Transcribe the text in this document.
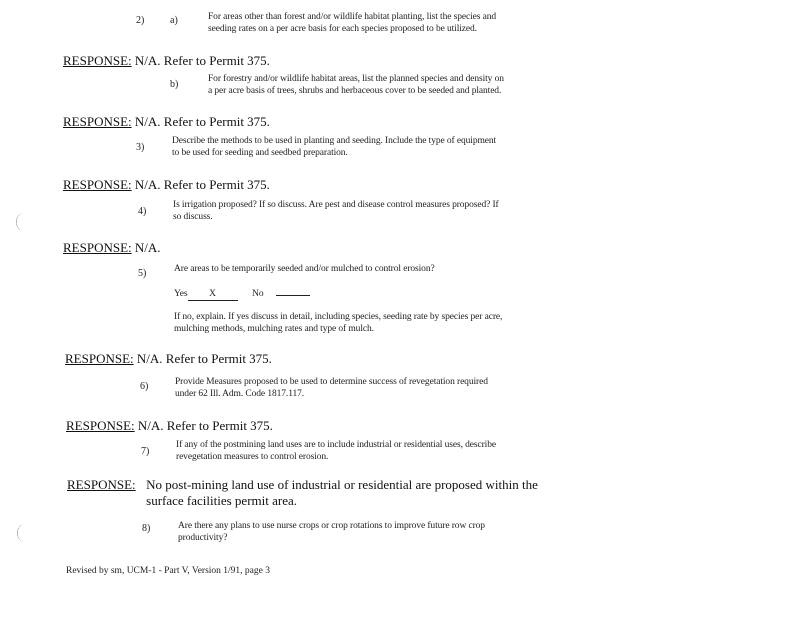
2)	a)	For areas other than forest and/or wildlife habitat planting, list the species and
seeding rates on a per acre basis for each species proposed to be utilized.
RESPONSE: N/A. Refer to Permit 375.
b)	For forestry and/or wildlife habitat areas, list the planned species and density on
a per acre basis of trees, shrubs and herbaceous cover to be seeded and planted.
RESPONSE: N/A. Refer to Permit 375.
3)
Describe the methods to be used in planting and seeding. Include the type of equipment
to be used for seeding and seedbed preparation.
RESPONSE: N/A. Refer to Permit 375.
4)
Is irrigation proposed? If so discuss. Are pest and disease control measures proposed? If
so discuss.
RESPONSE: N/A.
5)	Are areas to be temporarily seeded and/or mulched to control erosion?
Yes X	No
If no, explain. If yes discuss in detail, including species, seeding rate by species per acre,
mulching methods, mulching rates and type of mulch.
RESPONSE: N/A. Refer to Permit 375.
6)	Provide Measures proposed to be used to determine success of revegetation required
under 62 Ill. Adm. Code 1817.117.
RESPONSE: N/A. Refer to Permit 375.
7)
If any of the postmining land uses are to include industrial or residential uses, describe
revegetation measures to control erosion.
RESPONSE: No post-mining land use of industrial or residential are proposed within the
surface facilities permit area.
8)	Are there any plans to use nurse crops or crop rotations to improve future row crop
productivity?
Revised by sm, UCM-1 - Part V, Version 1/91, page 3
